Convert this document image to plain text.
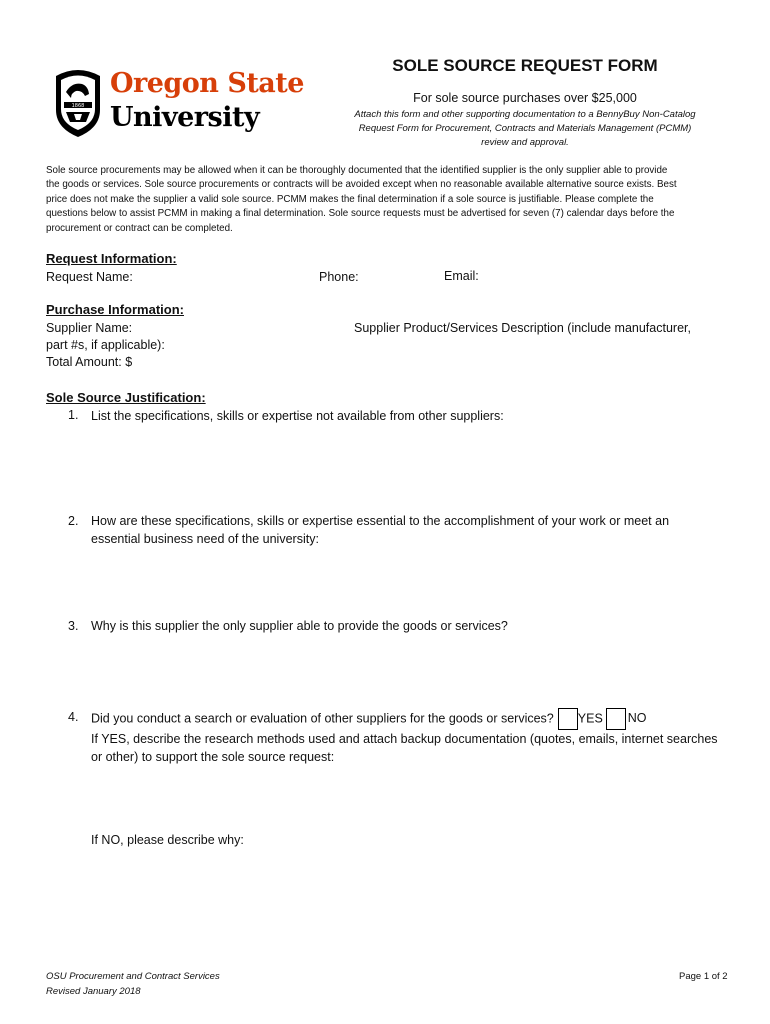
1868
Oregon State
University
SOLE SOURCE REQUEST FORM
For sole source purchases over $25,000
Attach this form and other supporting documentation to a BennyBuy Non-Catalog
Request Form for Procurement, Contracts and Materials Management (PCMM)
review and approval.
Sole source procurements may be allowed when it can be thoroughly documented that the identified supplier is the only supplier able to provide
the goods or services. Sole source procurements or contracts will be avoided except when no reasonable available alternative source exists. Best
price does not make the supplier a valid sole source. PCMM makes the final determination if a sole source is justifiable. Please complete the
questions below to assist PCMM in making a final determination. Sole source requests must be advertised for seven (7) calendar days before the
procurement or contract can be completed.
Request Information:
Request Name:	Phone:	Email:
Purchase Information:
Supplier Name:	Supplier Product/Services Description (include manufacturer,
part #s, if applicable):
Total Amount: $
Sole Source Justification:
1. List the specifications, skills or expertise not available from other suppliers:
2. How are these specifications, skills or expertise essential to the accomplishment of your work or meet an
essential business need of the university:
3. Why is this supplier the only supplier able to provide the goods or services?
4. Did you conduct a search or evaluation of other suppliers for the goods or services? YES NO
If YES, describe the research methods used and attach backup documentation (quotes, emails, internet searches
or other) to support the sole source request:
If NO, please describe why:
OSU Procurement and Contract Services
Revised January 2018
Page 1 of 2
